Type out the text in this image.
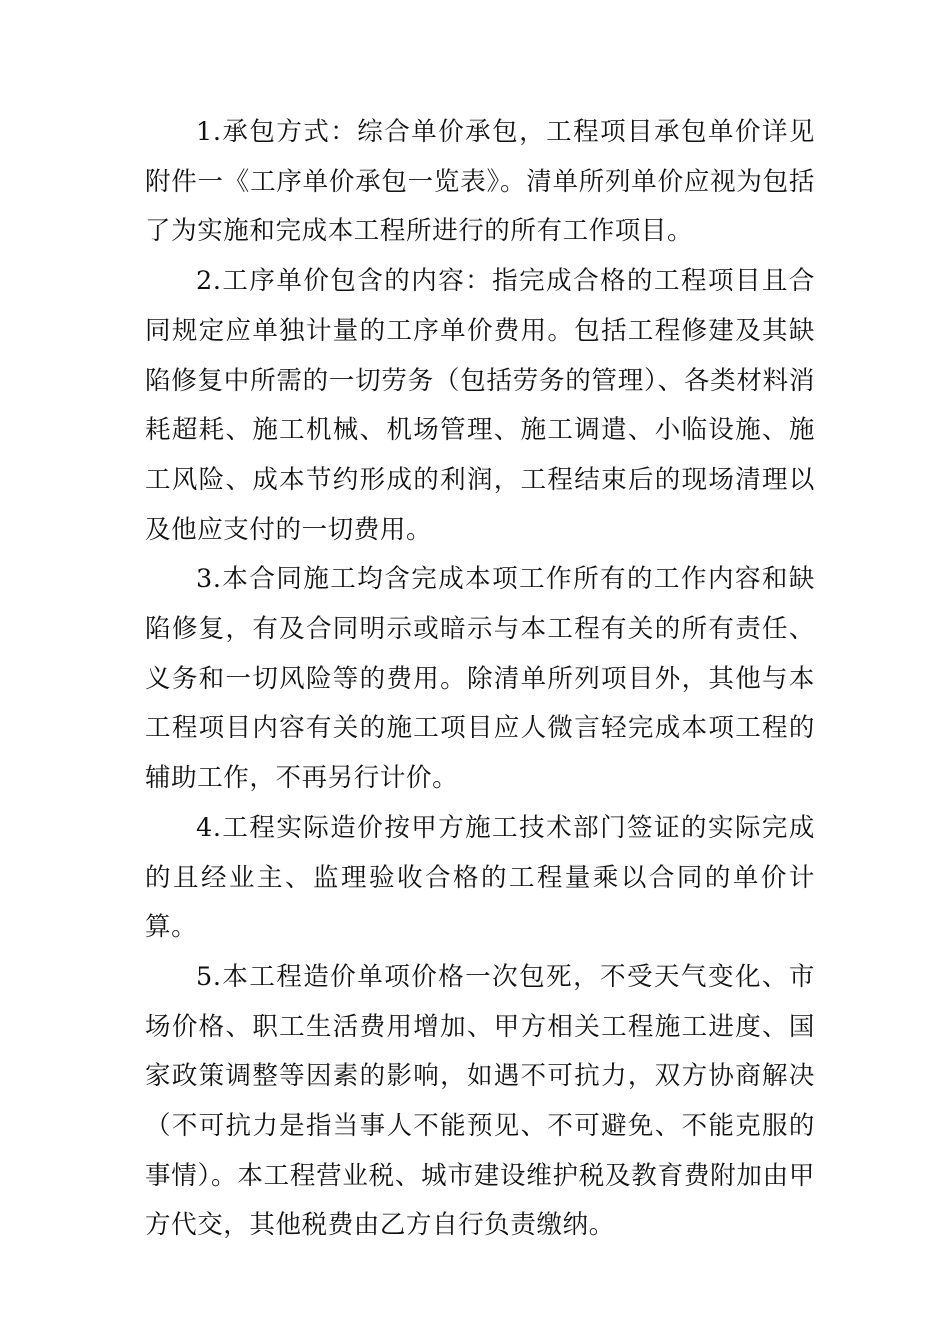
1.承包方式：综合单价承包，工程项目承包单价详见附件一《工序单价承包一览表》。清单所列单价应视为包括了为实施和完成本工程所进行的所有工作项目。

2.工序单价包含的内容：指完成合格的工程项目且合同规定应单独计量的工序单价费用。包括工程修建及其缺陷修复中所需的一切劳务（包括劳务的管理）、各类材料消耗超耗、施工机械、机场管理、施工调遣、小临设施、施工风险、成本节约形成的利润，工程结束后的现场清理以及他应支付的一切费用。

3.本合同施工均含完成本项工作所有的工作内容和缺陷修复，有及合同明示或暗示与本工程有关的所有责任、义务和一切风险等的费用。除清单所列项目外，其他与本工程项目内容有关的施工项目应人微言轻完成本项工程的辅助工作，不再另行计价。

4.工程实际造价按甲方施工技术部门签证的实际完成的且经业主、监理验收合格的工程量乘以合同的单价计算。

5.本工程造价单项价格一次包死，不受天气变化、市场价格、职工生活费用增加、甲方相关工程施工进度、国家政策调整等因素的影响，如遇不可抗力，双方协商解决（不可抗力是指当事人不能预见、不可避免、不能克服的事情）。本工程营业税、城市建设维护税及教育费附加由甲方代交，其他税费由乙方自行负责缴纳。
